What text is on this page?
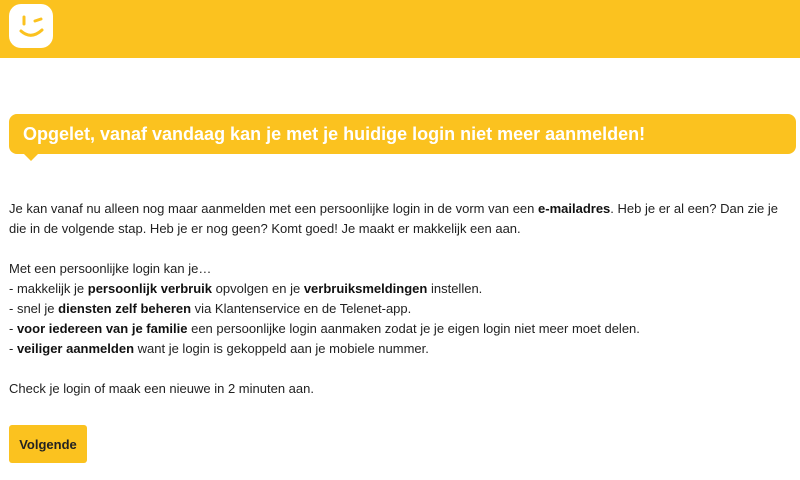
Opgelet, vanaf vandaag kan je met je huidige login niet meer aanmelden!

Je kan vanaf nu alleen nog maar aanmelden met een persoonlijke login in de vorm van een e-mailadres. Heb je er al een? Dan zie je die in de volgende stap. Heb je er nog geen? Komt goed! Je maakt er makkelijk een aan.

Met een persoonlijke login kan je…

- makkelijk je persoonlijk verbruik opvolgen en je verbruiksmeldingen instellen.
- snel je diensten zelf beheren via Klantenservice en de Telenet-app.
- voor iedereen van je familie een persoonlijke login aanmaken zodat je je eigen login niet meer moet delen.
- veiliger aanmelden want je login is gekoppeld aan je mobiele nummer.

Check je login of maak een nieuwe in 2 minuten aan.

Volgende
